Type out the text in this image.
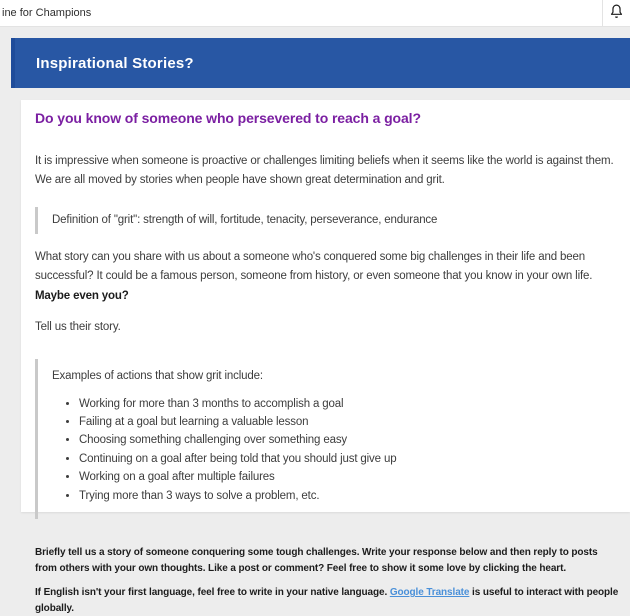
ine for Champions
Inspirational Stories?
Do you know of someone who persevered to reach a goal?

It is impressive when someone is proactive or challenges limiting beliefs when it seems like the world is against them. We are all moved by stories when people have shown great determination and grit.

Definition of "grit": strength of will, fortitude, tenacity, perseverance, endurance

What story can you share with us about a someone who's conquered some big challenges in their life and been successful? It could be a famous person, someone from history, or even someone that you know in your own life. Maybe even you?

Tell us their story.

Examples of actions that show grit include:

• Working for more than 3 months to accomplish a goal
• Failing at a goal but learning a valuable lesson
• Choosing something challenging over something easy
• Continuing on a goal after being told that you should just give up
• Working on a goal after multiple failures
• Trying more than 3 ways to solve a problem, etc.

Briefly tell us a story of someone conquering some tough challenges. Write your response below and then reply to posts from others with your own thoughts. Like a post or comment? Feel free to show it some love by clicking the heart.

If English isn't your first language, feel free to write in your native language. Google Translate is useful to interact with people globally.
